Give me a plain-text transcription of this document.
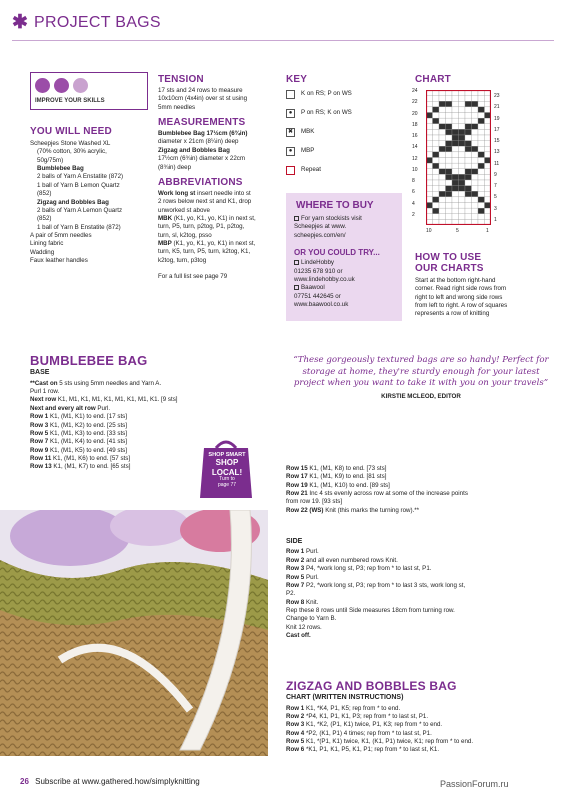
✱ PROJECT BAGS
IMPROVE YOUR SKILLS
YOU WILL NEED
Scheepjes Stone Washed XL
(70% cotton, 30% acrylic,
50g/75m)
Bumblebee Bag
2 balls of Yarn A Enstatite (872)
1 ball of Yarn B Lemon Quartz
(852)
Zigzag and Bobbles Bag
2 balls of Yarn A Lemon Quartz
(852)
1 ball of Yarn B Enstatite (872)
A pair of 5mm needles
Lining fabric
Wadding
Faux leather handles
TENSION
17 sts and 24 rows to measure
10x10cm (4x4in) over st st using
5mm needles
MEASUREMENTS
Bumblebee Bag 17½cm (6¾in)
diameter x 21cm (8¼in) deep
Zigzag and Bobbles Bag
17½cm (6¾in) diameter x 22cm
(8¾in) deep
ABBREVIATIONS
Work long st insert needle into st
2 rows below next st and K1, drop
unworked st above
MBK (K1, yo, K1, yo, K1) in next st,
turn, P5, turn, p2tog, P1, p2tog,
turn, sl, k2tog, psso
MBP (K1, yo, K1, yo, K1) in next st,
turn, K5, turn, P5, turn, k2tog, K1,
k2tog, turn, p3tog

For a full list see page 79
KEY
K on RS; P on WS
●	P on RS; K on WS
✖	MBK
●	MBP
Repeat
WHERE TO BUY
For yarn stockists visit
Scheepjes at www.
scheepjes.com/en/

OR YOU COULD TRY...
LindeHobby
01235 678 910 or
www.lindehobby.co.uk
Baawool
07751 442645 or
www.baawool.co.uk
CHART
24
22
20
18
16
14
12
10
8
6
4
2
23
21
19
17
15
13
11
9
7
5
3
1
10	5	1
HOW TO USE OUR CHARTS
Start at the bottom right-hand
corner. Read right side rows from
right to left and wrong side rows
from left to right. A row of squares
represents a row of knitting
BUMBLEBEE BAG
BASE
**Cast on 5 sts using 5mm needles and Yarn A.
Purl 1 row.
Next row K1, M1, K1, M1, K1, M1, K1, M1, K1. [9 sts]
Next and every alt row Purl.
Row 1 K1, (M1, K1) to end. [17 sts]
Row 3 K1, (M1, K2) to end. [25 sts]
Row 5 K1, (M1, K3) to end. [33 sts]
Row 7 K1, (M1, K4) to end. [41 sts]
Row 9 K1, (M1, K5) to end. [49 sts]
Row 11 K1, (M1, K6) to end. [57 sts]
Row 13 K1, (M1, K7) to end. [65 sts]
SHOP SMART
SHOP
LOCAL!
Turn to
page 77
“These gorgeously textured bags are so handy! Perfect for storage at home, they're sturdy enough for your latest project when you want to take it with you on your travels”
KIRSTIE MCLEOD, EDITOR
Row 15 K1, (M1, K8) to end. [73 sts]
Row 17 K1, (M1, K9) to end. [81 sts]
Row 19 K1, (M1, K10) to end. [89 sts]
Row 21 Inc 4 sts evenly across row at some of the increase points
from row 19. [93 sts]
Row 22 (WS) Knit (this marks the turning row).**
SIDE
Row 1 Purl.
Row 2 and all even numbered rows Knit.
Row 3 P4, *work long st, P3; rep from * to last st, P1.
Row 5 Purl.
Row 7 P2, *work long st, P3; rep from * to last 3 sts, work long st,
P2.
Row 8 Knit.
Rep these 8 rows until Side measures 18cm from turning row.
Change to Yarn B.
Knit 12 rows.
Cast off.
ZIGZAG AND BOBBLES BAG
CHART (WRITTEN INSTRUCTIONS)
Row 1 K1, *K4, P1, K5; rep from * to end.
Row 2 *P4, K1, P1, K1, P3; rep from * to last st, P1.
Row 3 K1, *K2, (P1, K1) twice, P1, K3; rep from * to end.
Row 4 *P2, (K1, P1) 4 times; rep from * to last st, P1.
Row 5 K1, *(P1, K1) twice, K1, (K1, P1) twice, K1; rep from * to end.
Row 6 *K1, P1, K1, P5, K1, P1; rep from * to last st, K1.
26 Subscribe at www.gathered.how/simplyknitting	PassionForum.ru
